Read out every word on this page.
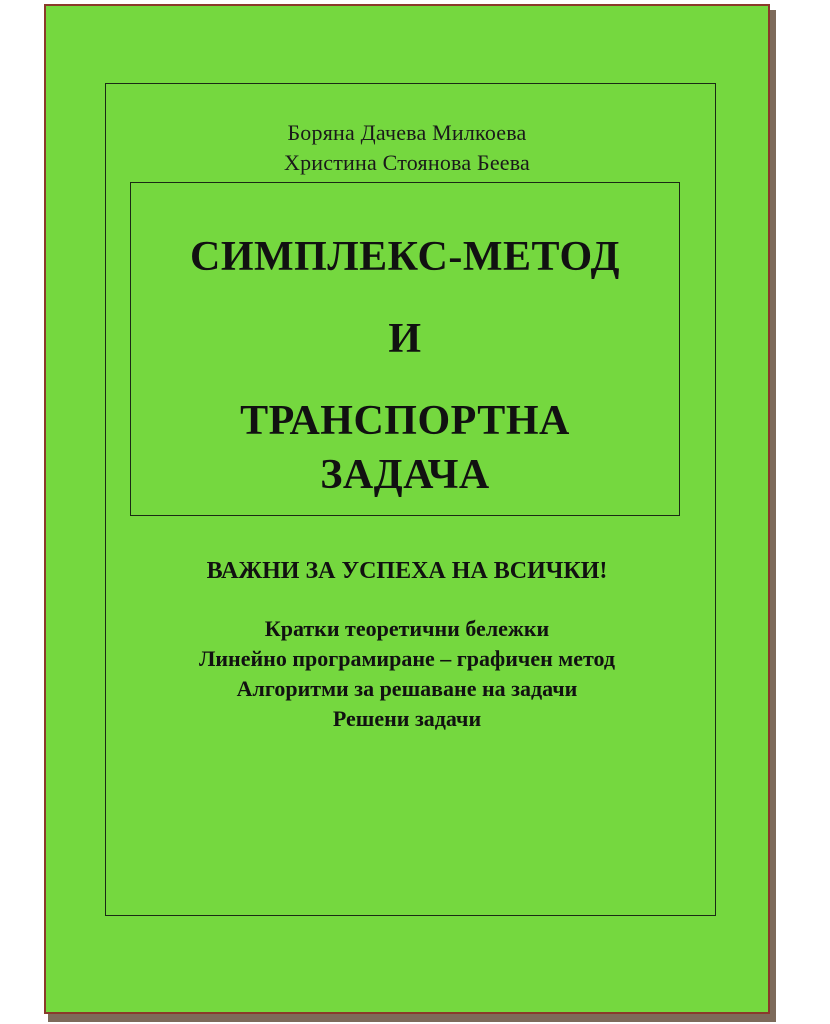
Боряна Дачева Милкоева
Христина Стоянова Беева
СИМПЛЕКС-МЕТОД
И
ТРАНСПОРТНА
ЗАДАЧА
ВАЖНИ ЗА УСПЕХА НА ВСИЧКИ!
Кратки теоретични бележки
Линейно програмиране – графичен метод
Алгоритми за решаване на задачи
Решени задачи
